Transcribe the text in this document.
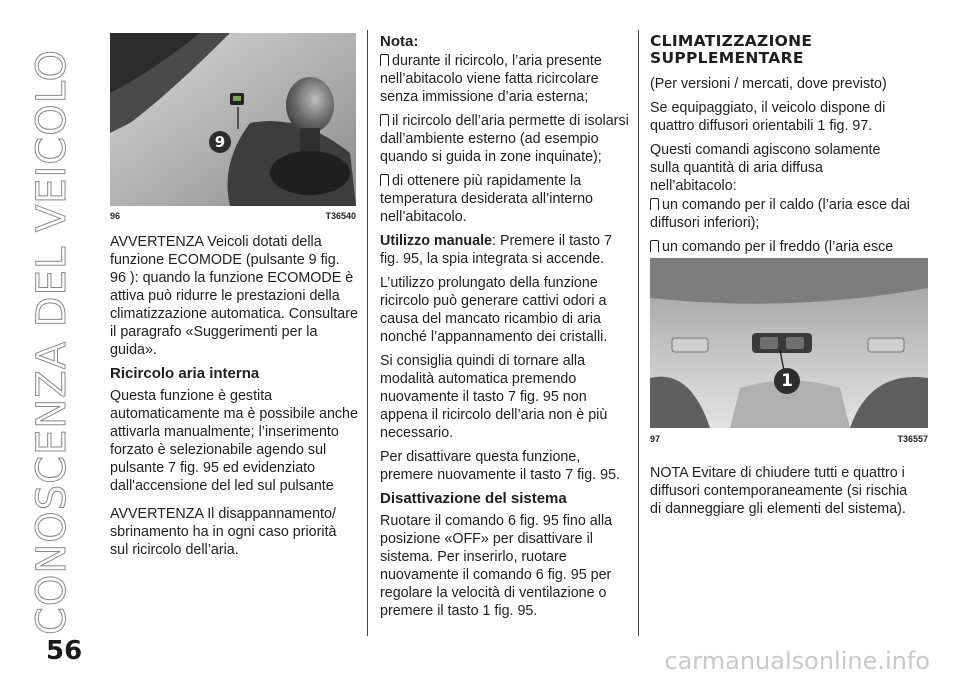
CONOSCENZA DEL VEICOLO	9
96	T36540

AVVERTENZA Veicoli dotati della funzione ECOMODE (pulsante 9 fig. 96 ): quando la funzione ECOMODE è attiva può ridurre le prestazioni della climatizzazione automatica. Consultare il paragrafo «Suggerimenti per la guida».

Ricircolo aria interna

Questa funzione è gestita automaticamente ma è possibile anche attivarla manualmente; l’inserimento forzato è selezionabile agendo sul pulsante 7 fig. 95 ed evidenziato dall'accensione del led sul pulsante

AVVERTENZA Il disappannamento/ sbrinamento ha in ogni caso priorità sul ricircolo dell’aria.

Nota:

durante il ricircolo, l’aria presente nell’abitacolo viene fatta ricircolare senza immissione d’aria esterna;

il ricircolo dell’aria permette di isolarsi dall’ambiente esterno (ad esempio quando si guida in zone inquinate);

di ottenere più rapidamente la temperatura desiderata all’interno nell’abitacolo.

Utilizzo manuale: Premere il tasto 7 fig. 95, la spia integrata si accende.

L’utilizzo prolungato della funzione ricircolo può generare cattivi odori a causa del mancato ricambio di aria nonché l’appannamento dei cristalli.

Si consiglia quindi di tornare alla modalità automatica premendo nuovamente il tasto 7 fig. 95 non appena il ricircolo dell’aria non è più necessario.

Per disattivare questa funzione, premere nuovamente il tasto 7 fig. 95.

Disattivazione del sistema

Ruotare il comando 6 fig. 95 fino alla posizione «OFF» per disattivare il sistema. Per inserirlo, ruotare nuovamente il comando 6 fig. 95 per regolare la velocità di ventilazione o premere il tasto 1 fig. 95.

CLIMATIZZAZIONE
SUPPLEMENTARE

(Per versioni / mercati, dove previsto)

Se equipaggiato, il veicolo dispone di quattro diffusori orientabili 1 fig. 97.

Questi comandi agiscono solamente sulla quantità di aria diffusa nell’abitacolo:

un comando per il caldo (l’aria esce dai diffusori inferiori);

un comando per il freddo (l’aria esce

1
97	T36557

NOTA Evitare di chiudere tutti e quattro i diffusori contemporaneamente (si rischia di danneggiare gli elementi del sistema).

56	carmanualsonline.info
